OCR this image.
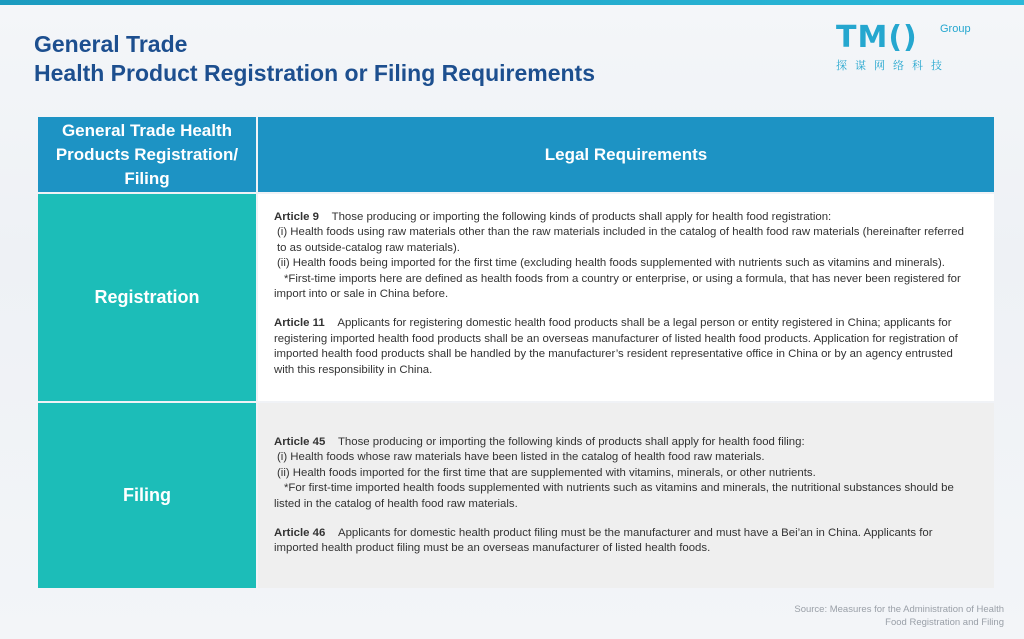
General Trade
Health Product Registration or Filing Requirements
TM() Group
探谋网络科技
General Trade Health Products Registration/ Filing
Legal Requirements
Registration
Article 9 Those producing or importing the following kinds of products shall apply for health food registration:
(i) Health foods using raw materials other than the raw materials included in the catalog of health food raw materials (hereinafter referred to as outside-catalog raw materials).
(ii) Health foods being imported for the first time (excluding health foods supplemented with nutrients such as vitamins and minerals).
*First-time imports here are defined as health foods from a country or enterprise, or using a formula, that has never been registered for import into or sale in China before.
Article 11 Applicants for registering domestic health food products shall be a legal person or entity registered in China; applicants for registering imported health food products shall be an overseas manufacturer of listed health food products. Application for registration of imported health food products shall be handled by the manufacturer’s resident representative office in China or by an agency entrusted with this responsibility in China.
Filing
Article 45 Those producing or importing the following kinds of products shall apply for health food filing:
(i) Health foods whose raw materials have been listed in the catalog of health food raw materials.
(ii) Health foods imported for the first time that are supplemented with vitamins, minerals, or other nutrients.
*For first-time imported health foods supplemented with nutrients such as vitamins and minerals, the nutritional substances should be listed in the catalog of health food raw materials.
Article 46 Applicants for domestic health product filing must be the manufacturer and must have a Bei’an in China. Applicants for imported health product filing must be an overseas manufacturer of listed health foods.
Source: Measures for the Administration of Health
Food Registration and Filing
